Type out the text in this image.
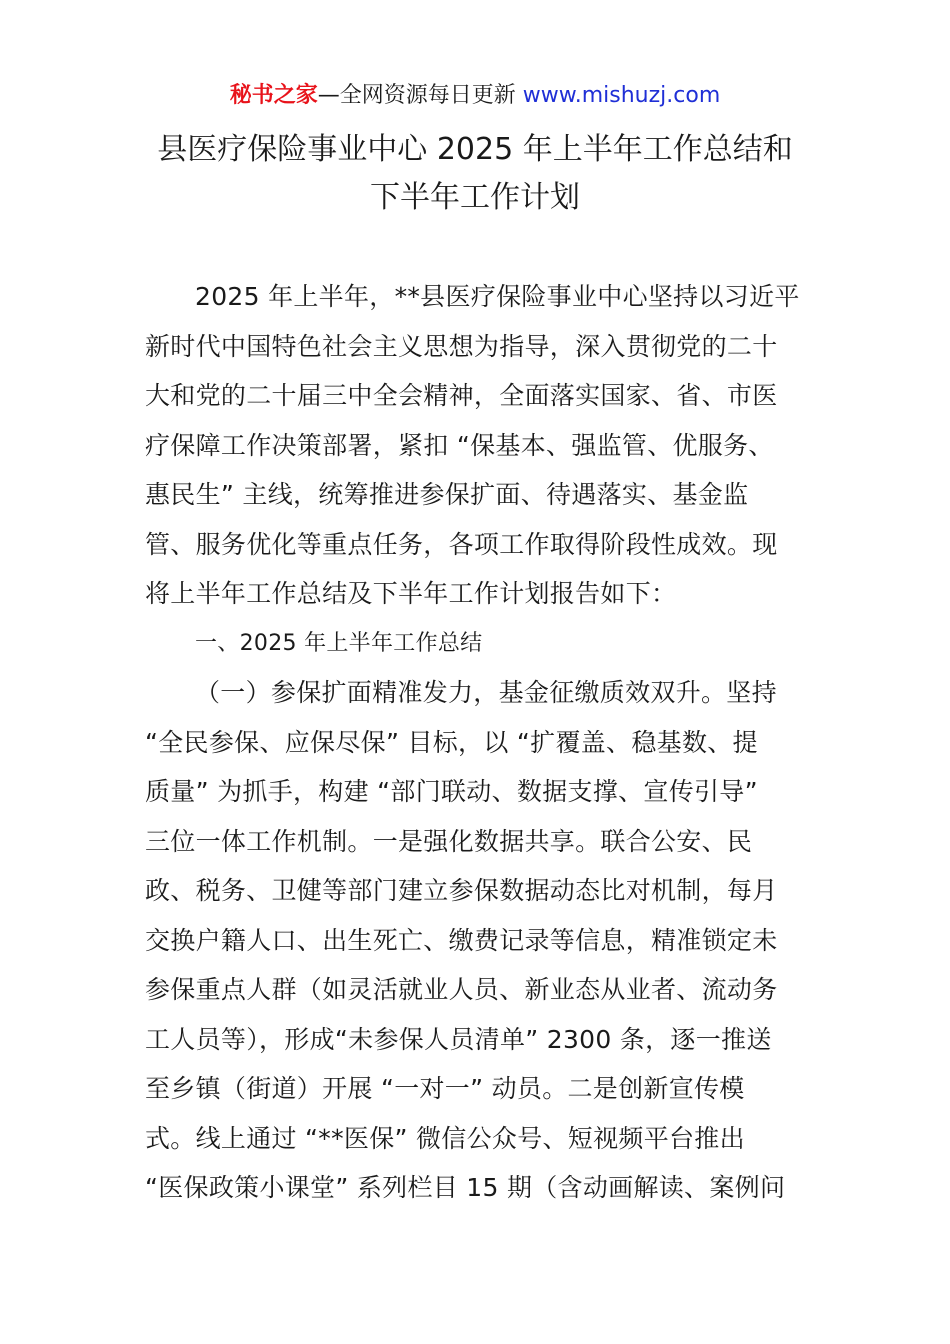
秘书之家—全网资源每日更新 www.mishuzj.com
县医疗保险事业中心 2025 年上半年工作总结和
下半年工作计划
2025 年上半年，**县医疗保险事业中心坚持以习近平
新时代中国特色社会主义思想为指导，深入贯彻党的二十
大和党的二十届三中全会精神，全面落实国家、省、市医
疗保障工作决策部署，紧扣 “保基本、强监管、优服务、
惠民生” 主线，统筹推进参保扩面、待遇落实、基金监
管、服务优化等重点任务，各项工作取得阶段性成效。现
将上半年工作总结及下半年工作计划报告如下：
一、2025 年上半年工作总结
（一）参保扩面精准发力，基金征缴质效双升。坚持
“全民参保、应保尽保” 目标，以 “扩覆盖、稳基数、提
质量” 为抓手，构建 “部门联动、数据支撑、宣传引导”
三位一体工作机制。一是强化数据共享。联合公安、民
政、税务、卫健等部门建立参保数据动态比对机制，每月
交换户籍人口、出生死亡、缴费记录等信息，精准锁定未
参保重点人群（如灵活就业人员、新业态从业者、流动务
工人员等），形成“未参保人员清单” 2300 条，逐一推送
至乡镇（街道）开展 “一对一” 动员。二是创新宣传模
式。线上通过 “**医保” 微信公众号、短视频平台推出
“医保政策小课堂” 系列栏目 15 期（含动画解读、案例问
